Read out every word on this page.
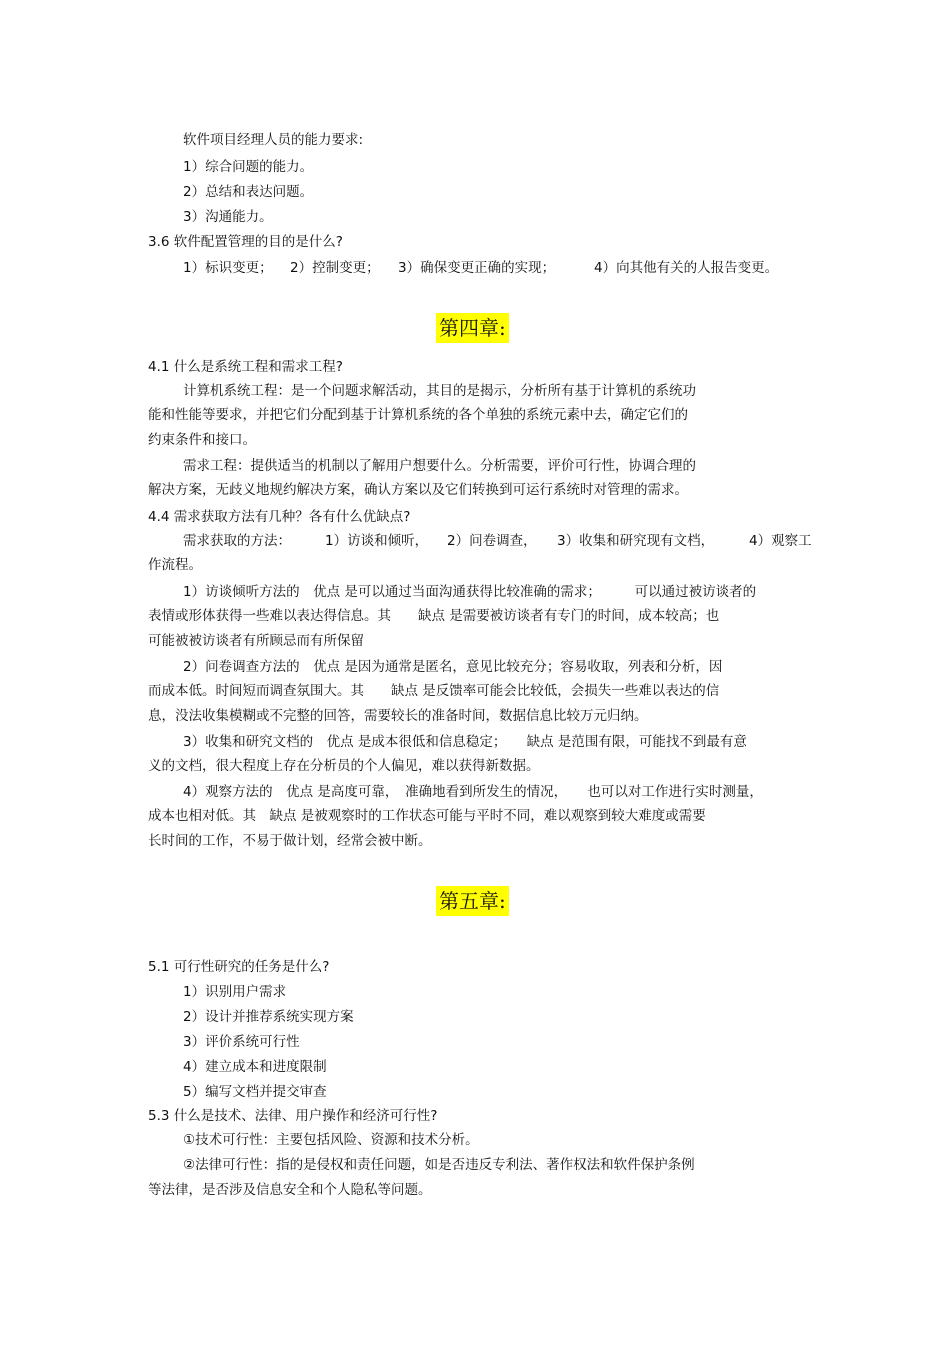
软件项目经理人员的能力要求:
1）综合问题的能力。
2）总结和表达问题。
3）沟通能力。
3.6 软件配置管理的目的是什么?
1）标识变更； 2）控制变更； 3）确保变更正确的实现；	4）向其他有关的人报告变更。
第四章:
4.1 什么是系统工程和需求工程?
计算机系统工程：是一个问题求解活动，其目的是揭示，分析所有基于计算机的系统功
能和性能等要求，并把它们分配到基于计算机系统的各个单独的系统元素中去，确定它们的
约束条件和接口。
需求工程：提供适当的机制以了解用户想要什么。分析需要，评价可行性，协调合理的
解决方案，无歧义地规约解决方案，确认方案以及它们转换到可运行系统时对管理的需求。
4.4 需求获取方法有几种？各有什么优缺点?
需求获取的方法：	1）访谈和倾听， 2）问卷调查， 3）收集和研究现有文档，	4）观察工
作流程。
1）访谈倾听方法的　优点 是可以通过当面沟通获得比较准确的需求；　　　可以通过被访谈者的
表情或形体获得一些难以表达得信息。其　　缺点 是需要被访谈者有专门的时间，成本较高；也
可能被被访谈者有所顾忌而有所保留
2）问卷调查方法的　优点 是因为通常是匿名，意见比较充分；容易收取，列表和分析，因
而成本低。时间短而调查氛围大。其　　缺点 是反馈率可能会比较低，会损失一些难以表达的信
息，没法收集模糊或不完整的回答，需要较长的准备时间，数据信息比较万元归纳。
3）收集和研究文档的　优点 是成本很低和信息稳定；　　缺点 是范围有限，可能找不到最有意
义的文档，很大程度上存在分析员的个人偏见，难以获得新数据。
4）观察方法的　优点 是高度可靠，　准确地看到所发生的情况，　　也可以对工作进行实时测量，
成本也相对低。其　缺点 是被观察时的工作状态可能与平时不同，难以观察到较大难度或需要
长时间的工作，不易于做计划，经常会被中断。
第五章:
5.1 可行性研究的任务是什么?
1）识别用户需求
2）设计并推荐系统实现方案
3）评价系统可行性
4）建立成本和进度限制
5）编写文档并提交审查
5.3 什么是技术、法律、用户操作和经济可行性?
①技术可行性：主要包括风险、资源和技术分析。
②法律可行性：指的是侵权和责任问题，如是否违反专利法、著作权法和软件保护条例
等法律，是否涉及信息安全和个人隐私等问题。
